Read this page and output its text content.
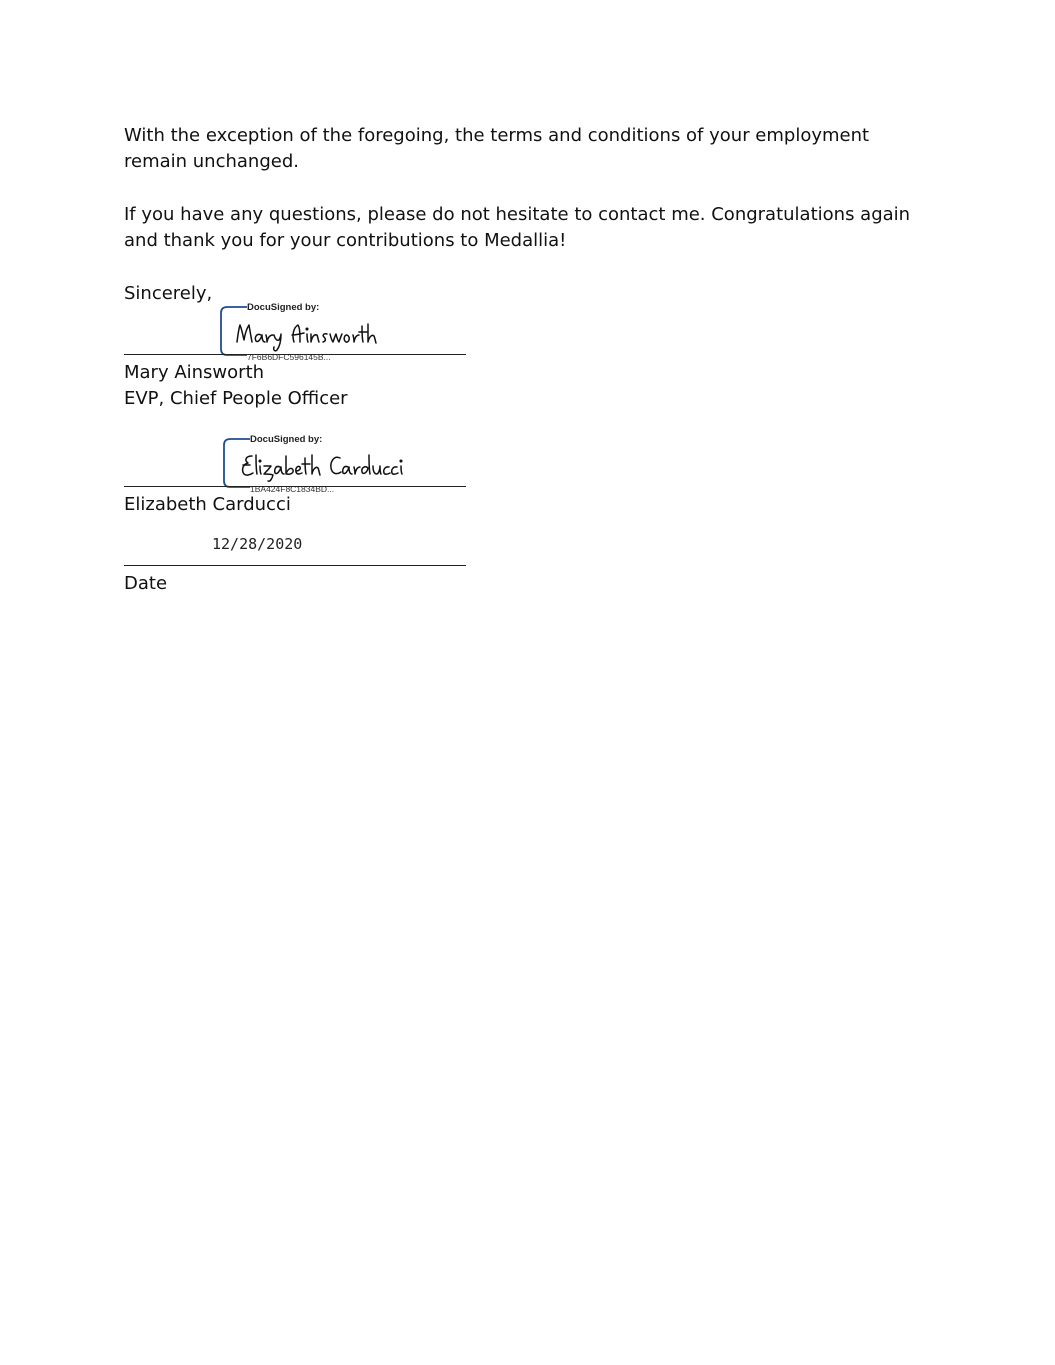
With the exception of the foregoing, the terms and conditions of your employment remain unchanged.

If you have any questions, please do not hesitate to contact me. Congratulations again and thank you for your contributions to Medallia!

Sincerely,
DocuSigned by:
7F6B6DFC596145B...
Mary Ainsworth
EVP, Chief People Officer
DocuSigned by:
1BA424F8C1834BD...
Elizabeth Carducci
12/28/2020
Date
